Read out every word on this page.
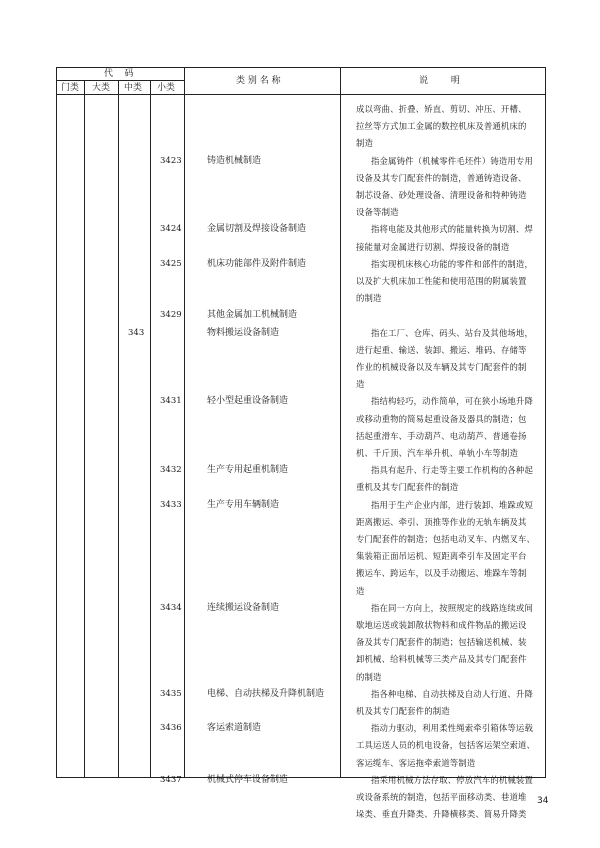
代    码
门类 大类 中类 小类
类 别 名 称	说        明
成以弯曲、折叠、矫直、剪切、冲压、开槽、
拉丝等方式加工金属的数控机床及普通机床的
制造
3423	铸造机械制造	指金属铸件（机械零件毛坯件）铸造用专用
设备及其专门配套件的制造，普通铸造设备、
制芯设备、砂处理设备、清理设备和特种铸造
设备等制造
3424	金属切割及焊接设备制造	指将电能及其他形式的能量转换为切割、焊
接能量对金属进行切割、焊接设备的制造
3425	机床功能部件及附件制造	指实现机床核心功能的零件和部件的制造，
以及扩大机床加工性能和使用范围的附属装置
的制造
3429	其他金属加工机械制造
343	物料搬运设备制造	指在工厂、仓库、码头、站台及其他场地，
进行起重、输送、装卸、搬运、堆码、存储等
作业的机械设备以及车辆及其专门配套件的制
造
3431	轻小型起重设备制造	指结构轻巧，动作简单，可在狭小场地升降
或移动重物的简易起重设备及器具的制造；包
括起重滑车、手动葫芦、电动葫芦、普通卷扬
机、千斤顶、汽车举升机、单轨小车等制造
3432	生产专用起重机制造	指具有起升、行走等主要工作机构的各种起
重机及其专门配套件的制造
3433	生产专用车辆制造	指用于生产企业内部，进行装卸、堆跺或短
距离搬运、牵引、顶推等作业的无轨车辆及其
专门配套件的制造；包括电动叉车、内燃叉车、
集装箱正面吊运机、短距离牵引车及固定平台
搬运车、跨运车，以及手动搬运、堆跺车等制
造
3434	连续搬运设备制造	指在同一方向上，按照规定的线路连续或间
歇地运送或装卸散状物料和成件物品的搬运设
备及其专门配套件的制造；包括输送机械、装
卸机械、给料机械等三类产品及其专门配套件
的制造
3435	电梯、自动扶梯及升降机制造	指各种电梯、自动扶梯及自动人行道、升降
机及其专门配套件的制造
3436	客运索道制造	指动力驱动，利用柔性绳索牵引箱体等运载
工具运送人员的机电设备，包括客运架空索道、
客运缆车、客运拖牵索道等制造
3437	机械式停车设备制造	指采用机械方法存取、停放汽车的机械装置
或设备系统的制造，包括平面移动类、巷道堆
垛类、垂直升降类、升降横移类、简易升降类
34
